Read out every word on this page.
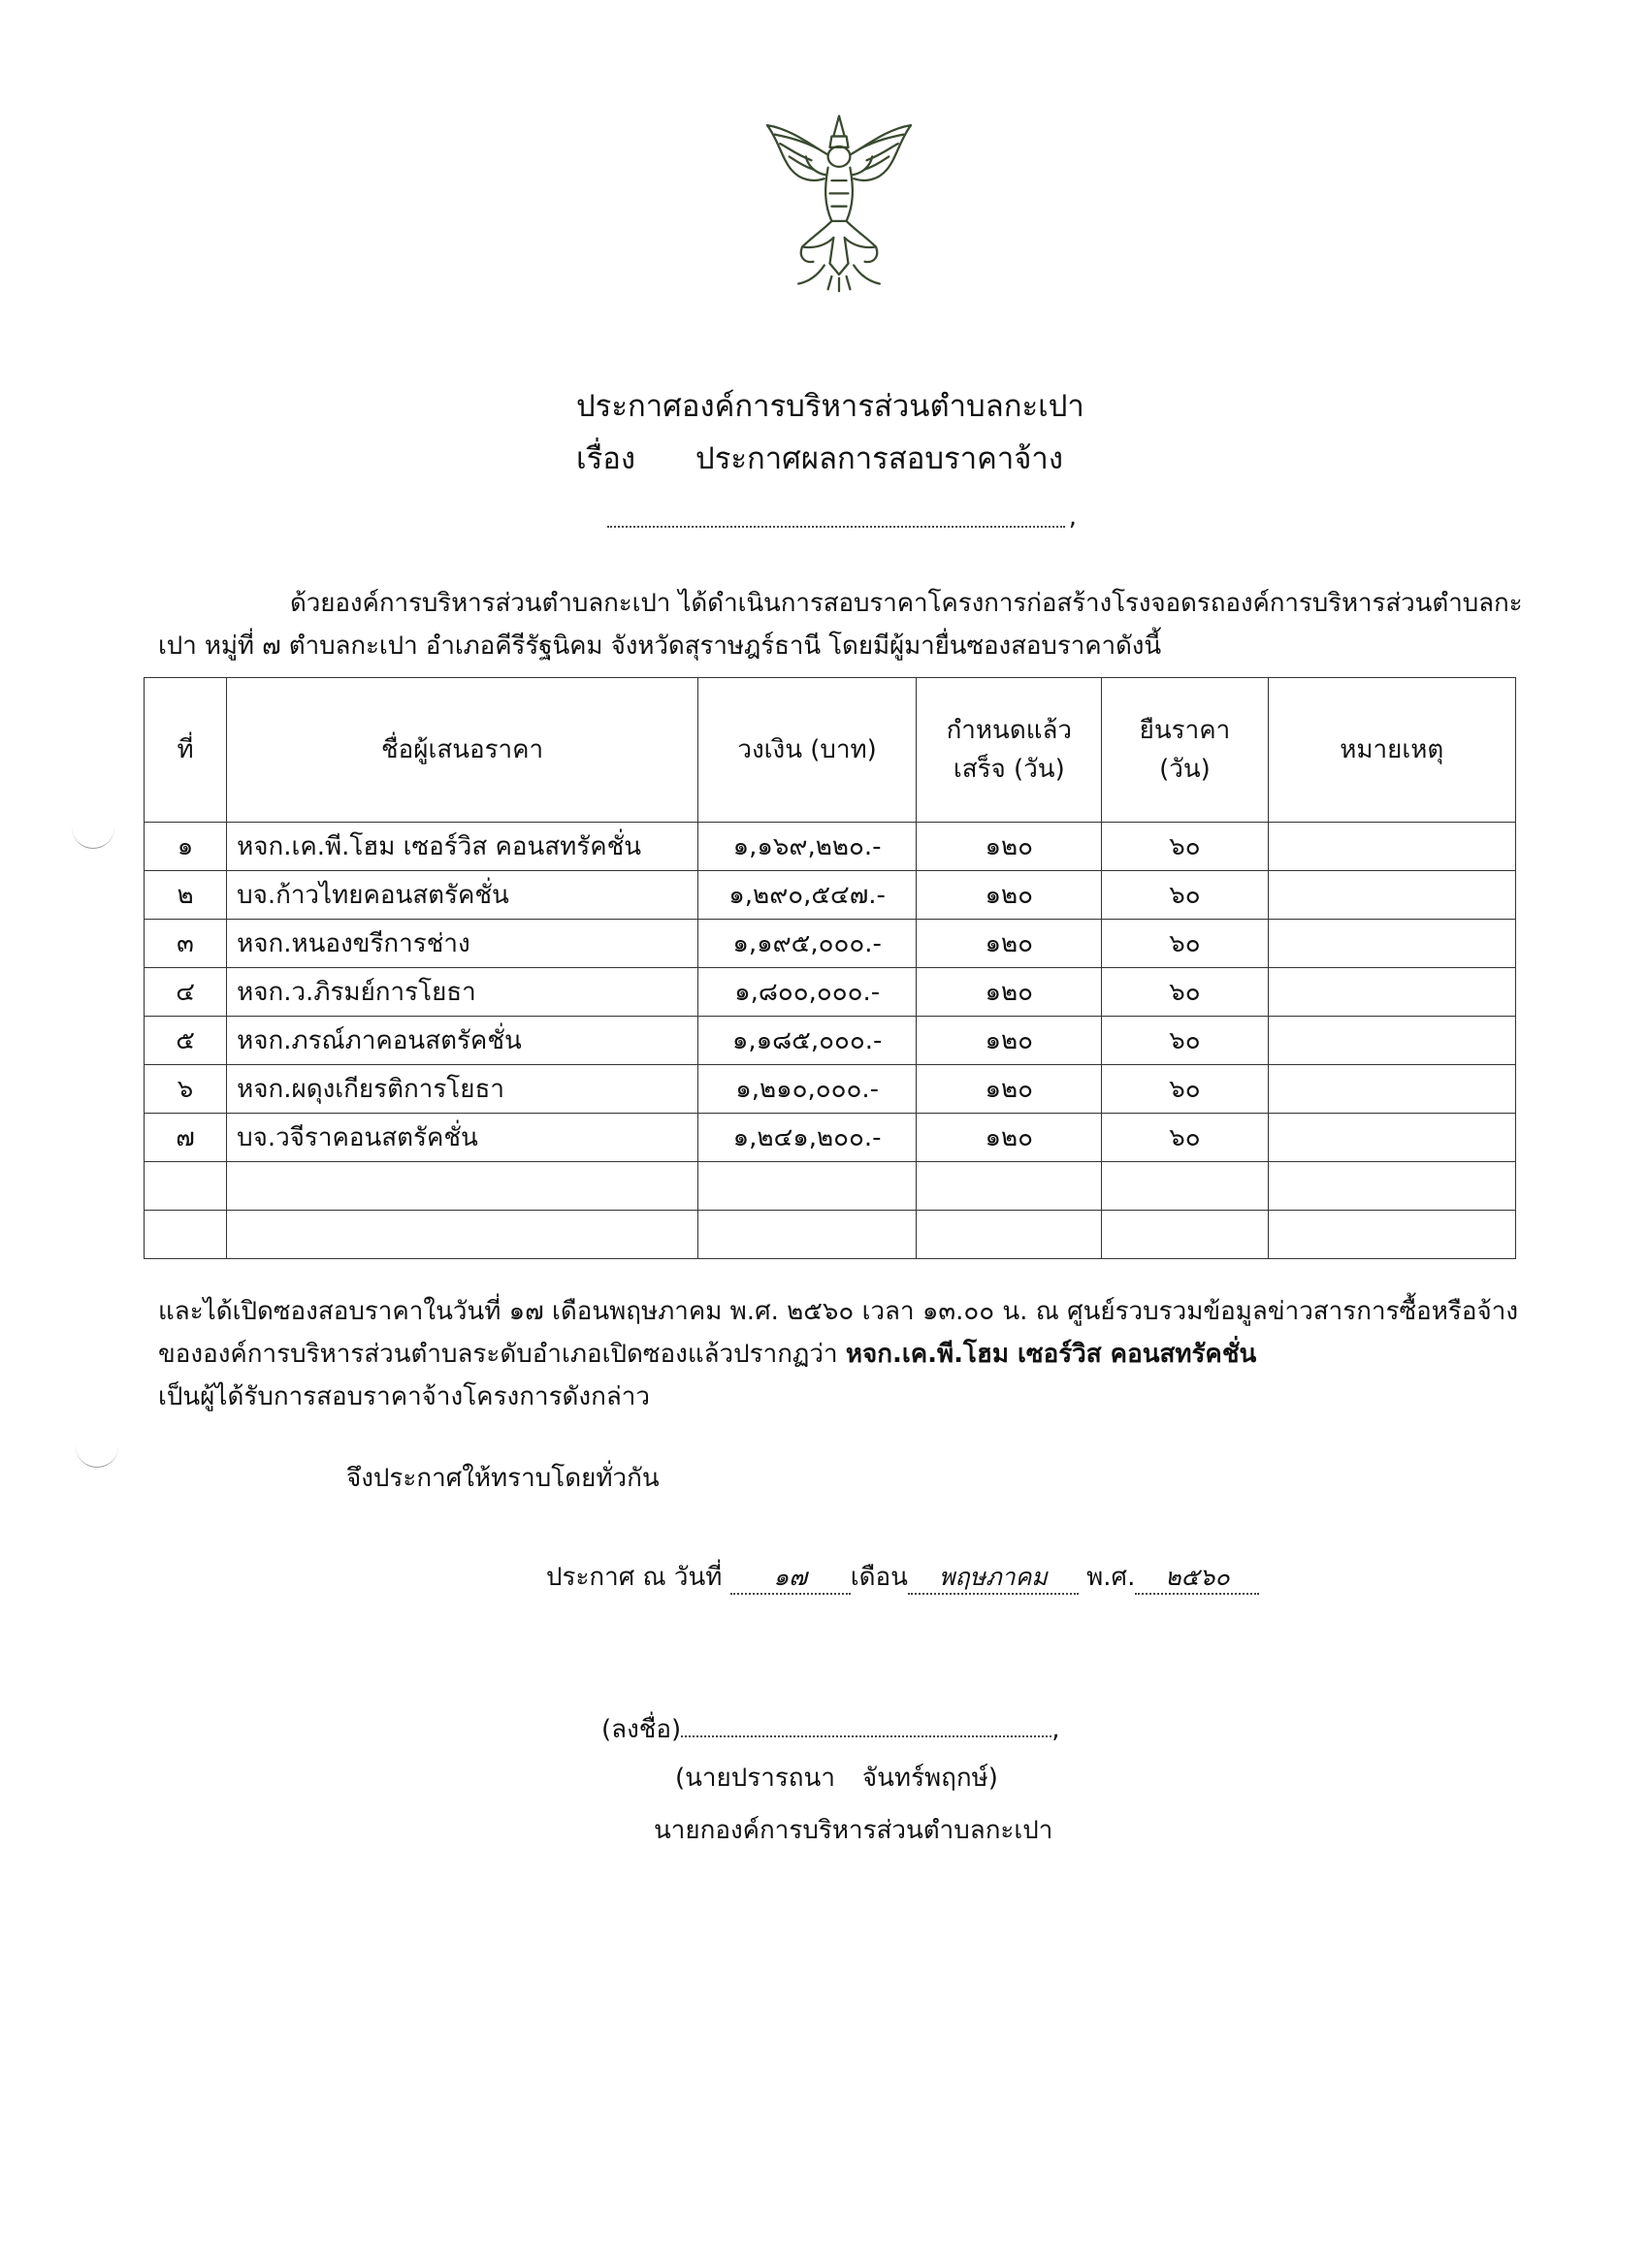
ประกาศองค์การบริหารส่วนตำบลกะเปา
เรื่อง ประกาศผลการสอบราคาจ้าง
,
ด้วยองค์การบริหารส่วนตำบลกะเปา ได้ดำเนินการสอบราคาโครงการก่อสร้างโรงจอดรถองค์การบริหารส่วนตำบลกะเปา หมู่ที่ ๗ ตำบลกะเปา อำเภอคีรีรัฐนิคม จังหวัดสุราษฎร์ธานี โดยมีผู้มายื่นซองสอบราคาดังนี้
ที่	ชื่อผู้เสนอราคา	วงเงิน (บาท)	กำหนดแล้วเสร็จ (วัน)	ยืนราคา (วัน)	หมายเหตุ
๑	หจก.เค.พี.โฮม เซอร์วิส คอนสทรัคชั่น	๑,๑๖๙,๒๒๐.-	๑๒๐	๖๐	
๒	บจ.ก้าวไทยคอนสตรัคชั่น	๑,๒๙๐,๕๔๗.-	๑๒๐	๖๐	
๓	หจก.หนองขรีการช่าง	๑,๑๙๕,๐๐๐.-	๑๒๐	๖๐	
๔	หจก.ว.ภิรมย์การโยธา	๑,๘๐๐,๐๐๐.-	๑๒๐	๖๐	
๕	หจก.ภรณ์ภาคอนสตรัคชั่น	๑,๑๘๕,๐๐๐.-	๑๒๐	๖๐	
๖	หจก.ผดุงเกียรติการโยธา	๑,๒๑๐,๐๐๐.-	๑๒๐	๖๐	
๗	บจ.วจีราคอนสตรัคชั่น	๑,๒๔๑,๒๐๐.-	๑๒๐	๖๐	

และได้เปิดซองสอบราคาในวันที่ ๑๗ เดือนพฤษภาคม พ.ศ. ๒๕๖๐ เวลา ๑๓.๐๐ น. ณ ศูนย์รวบรวมข้อมูลข่าวสารการซื้อหรือจ้างขององค์การบริหารส่วนตำบลระดับอำเภอเปิดซองแล้วปรากฏว่า หจก.เค.พี.โฮม เซอร์วิส คอนสทรัคชั่น
เป็นผู้ได้รับการสอบราคาจ้างโครงการดังกล่าว
จึงประกาศให้ทราบโดยทั่วกัน
ประกาศ ณ วันที่ ๑๗ เดือน พฤษภาคม พ.ศ. ๒๕๖๐
(ลงชื่อ)	,
(นายปรารถนา จันทร์พฤกษ์)
นายกองค์การบริหารส่วนตำบลกะเปา
